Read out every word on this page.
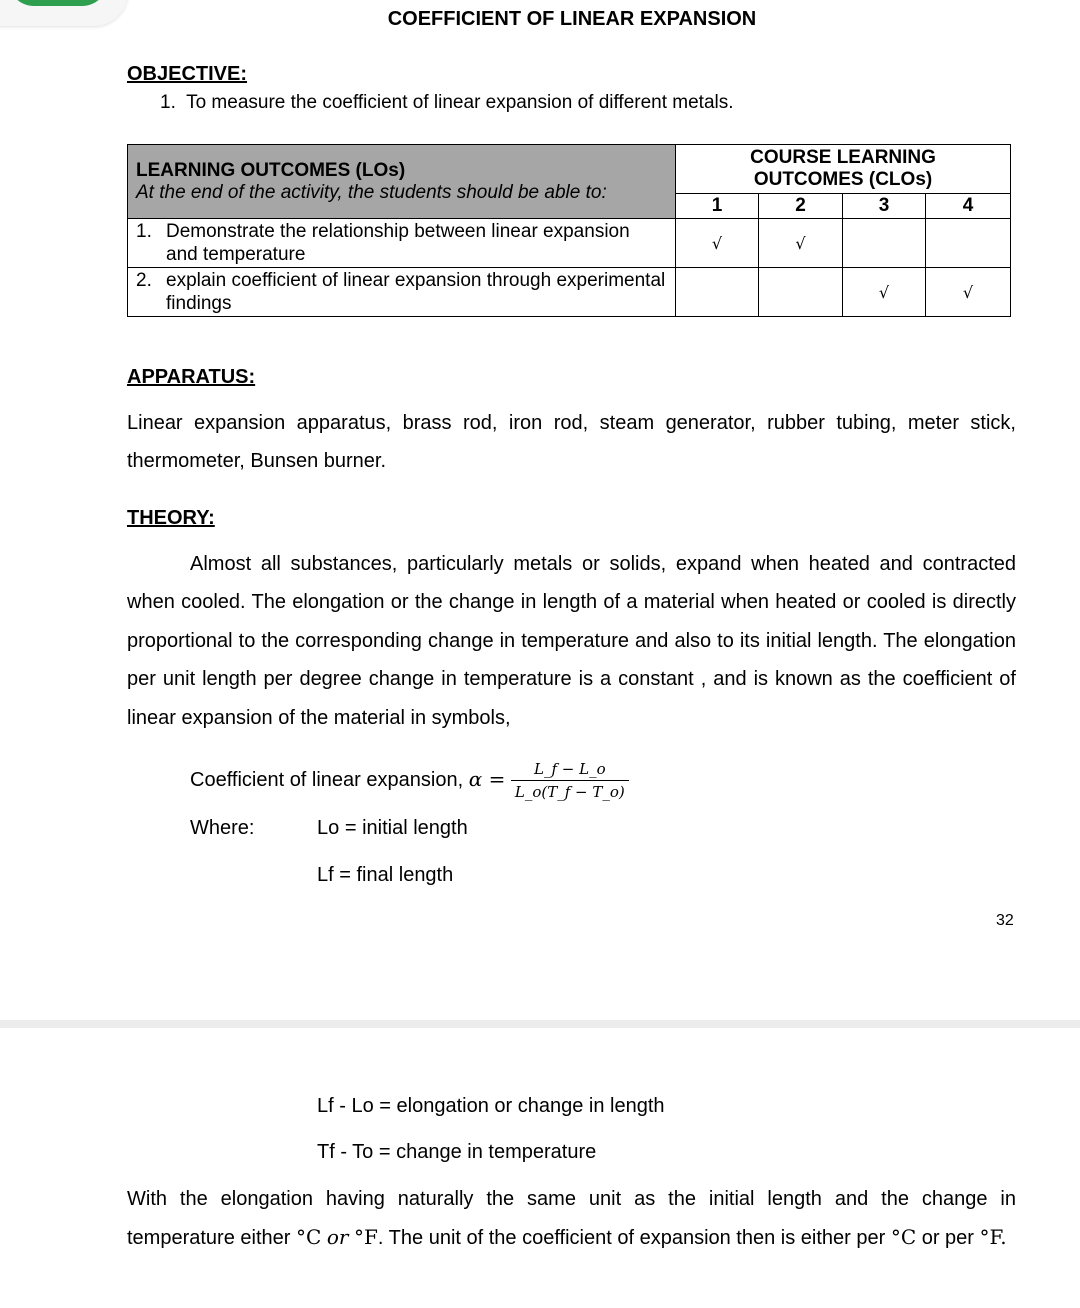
COEFFICIENT OF LINEAR EXPANSION
OBJECTIVE:
1. To measure the coefficient of linear expansion of different metals.
LEARNING OUTCOMES (LOs)
At the end of the activity, the students should be able to:	COURSE LEARNING
OUTCOMES (CLOs)			
	1	2	3	4
1. Demonstrate the relationship between linear expansion and temperature	√	√		
2. explain coefficient of linear expansion through experimental findings			√	√
APPARATUS:
Linear expansion apparatus, brass rod, iron rod, steam generator, rubber tubing, meter stick, thermometer, Bunsen burner.
THEORY:
Almost all substances, particularly metals or solids, expand when heated and contracted when cooled. The elongation or the change in length of a material when heated or cooled is directly proportional to the corresponding change in temperature and also to its initial length. The elongation per unit length per degree change in temperature is a constant , and is known as the coefficient of linear expansion of the material in symbols,
Coefficient of linear expansion, $\alpha = \frac{L\_f - L\_o}{L\_o(T\_f - T\_o)}$
Where:	Lo = initial length
Lf = final length
32
Lf - Lo = elongation or change in length
Tf - To = change in temperature
With the elongation having naturally the same unit as the initial length and the change in temperature either °C or °F. The unit of the coefficient of expansion then is either per °C or per °F.
